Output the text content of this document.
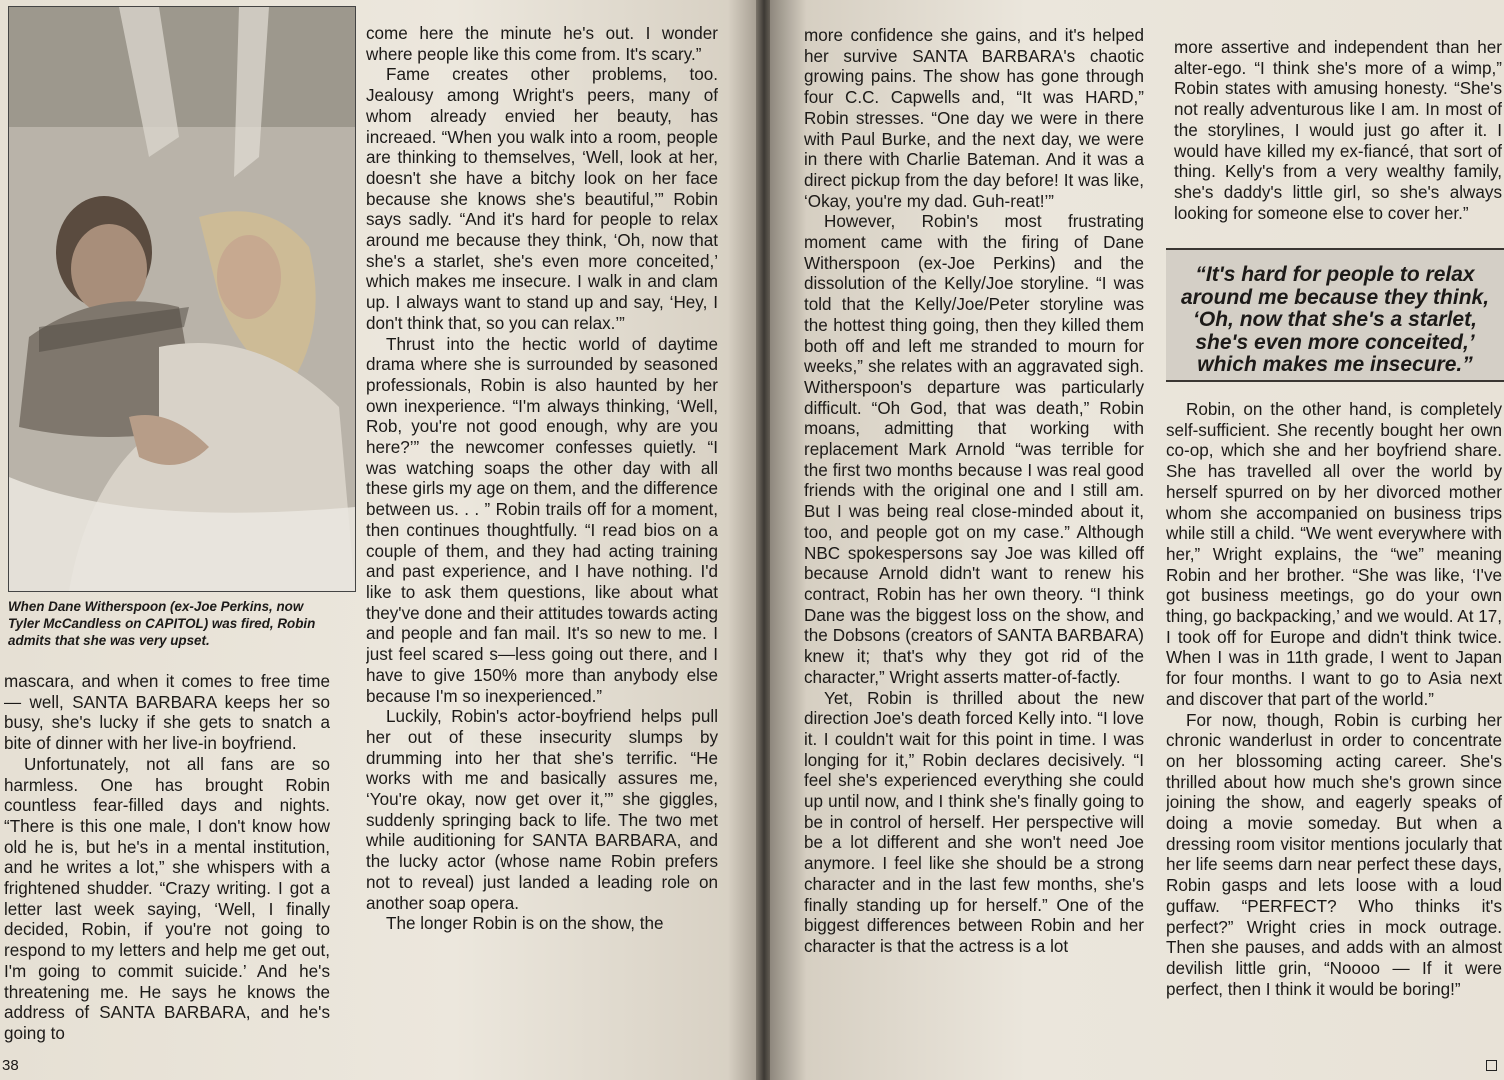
When Dane Witherspoon (ex-Joe Perkins, now Tyler McCandless on CAPITOL) was fired, Robin admits that she was very upset.

mascara, and when it comes to free time — well, SANTA BARBARA keeps her so busy, she's lucky if she gets to snatch a bite of dinner with her live-in boyfriend.

Unfortunately, not all fans are so harmless. One has brought Robin countless fear-filled days and nights. “There is this one male, I don't know how old he is, but he's in a mental institution, and he writes a lot,” she whispers with a frightened shudder. “Crazy writing. I got a letter last week saying, ‘Well, I finally decided, Robin, if you're not going to respond to my letters and help me get out, I'm going to commit suicide.’ And he's threatening me. He says he knows the address of SANTA BARBARA, and he's going to

come here the minute he's out. I wonder where people like this come from. It's scary.”

Fame creates other problems, too. Jealousy among Wright's peers, many of whom already envied her beauty, has increaed. “When you walk into a room, people are thinking to themselves, ‘Well, look at her, doesn't she have a bitchy look on her face because she knows she's beautiful,’” Robin says sadly. “And it's hard for people to relax around me because they think, ‘Oh, now that she's a starlet, she's even more conceited,’ which makes me insecure. I walk in and clam up. I always want to stand up and say, ‘Hey, I don't think that, so you can relax.’”

Thrust into the hectic world of daytime drama where she is surrounded by seasoned professionals, Robin is also haunted by her own inexperience. “I'm always thinking, ‘Well, Rob, you're not good enough, why are you here?’” the newcomer confesses quietly. “I was watching soaps the other day with all these girls my age on them, and the difference between us. . . ” Robin trails off for a moment, then continues thoughtfully. “I read bios on a couple of them, and they had acting training and past experience, and I have nothing. I'd like to ask them questions, like about what they've done and their attitudes towards acting and people and fan mail. It's so new to me. I just feel scared s—less going out there, and I have to give 150% more than anybody else because I'm so inexperienced.”

Luckily, Robin's actor-boyfriend helps pull her out of these insecurity slumps by drumming into her that she's terrific. “He works with me and basically assures me, ‘You're okay, now get over it,’” she giggles, suddenly springing back to life. The two met while auditioning for SANTA BARBARA, and the lucky actor (whose name Robin prefers not to reveal) just landed a leading role on another soap opera.

The longer Robin is on the show, the

38

more confidence she gains, and it's helped her survive SANTA BARBARA's chaotic growing pains. The show has gone through four C.C. Capwells and, “It was HARD,” Robin stresses. “One day we were in there with Paul Burke, and the next day, we were in there with Charlie Bateman. And it was a direct pickup from the day before! It was like, ‘Okay, you're my dad. Guh-reat!’”

However, Robin's most frustrating moment came with the firing of Dane Witherspoon (ex-Joe Perkins) and the dissolution of the Kelly/Joe storyline. “I was told that the Kelly/Joe/Peter storyline was the hottest thing going, then they killed them both off and left me stranded to mourn for weeks,” she relates with an aggravated sigh. Witherspoon's departure was particularly difficult. “Oh God, that was death,” Robin moans, admitting that working with replacement Mark Arnold “was terrible for the first two months because I was real good friends with the original one and I still am. But I was being real close-minded about it, too, and people got on my case.” Although NBC spokespersons say Joe was killed off because Arnold didn't want to renew his contract, Robin has her own theory. “I think Dane was the biggest loss on the show, and the Dobsons (creators of SANTA BARBARA) knew it; that's why they got rid of the character,” Wright asserts matter-of-factly.

Yet, Robin is thrilled about the new direction Joe's death forced Kelly into. “I love it. I couldn't wait for this point in time. I was longing for it,” Robin declares decisively. “I feel she's experienced everything she could up until now, and I think she's finally going to be in control of herself. Her perspective will be a lot different and she won't need Joe anymore. I feel like she should be a strong character and in the last few months, she's finally standing up for herself.” One of the biggest differences between Robin and her character is that the actress is a lot

more assertive and independent than her alter-ego. “I think she's more of a wimp,” Robin states with amusing honesty. “She's not really adventurous like I am. In most of the storylines, I would just go after it. I would have killed my ex-fiancé, that sort of thing. Kelly's from a very wealthy family, she's daddy's little girl, so she's always looking for someone else to cover her.”

“It's hard for people to relax around me because they think, ‘Oh, now that she's a starlet, she's even more conceited,’ which makes me insecure.”

Robin, on the other hand, is completely self-sufficient. She recently bought her own co-op, which she and her boyfriend share. She has travelled all over the world by herself spurred on by her divorced mother whom she accompanied on business trips while still a child. “We went everywhere with her,” Wright explains, the “we” meaning Robin and her brother. “She was like, ‘I've got business meetings, go do your own thing, go backpacking,’ and we would. At 17, I took off for Europe and didn't think twice. When I was in 11th grade, I went to Japan for four months. I want to go to Asia next and discover that part of the world.”

For now, though, Robin is curbing her chronic wanderlust in order to concentrate on her blossoming acting career. She's thrilled about how much she's grown since joining the show, and eagerly speaks of doing a movie someday. But when a dressing room visitor mentions jocularly that her life seems darn near perfect these days, Robin gasps and lets loose with a loud guffaw. “PERFECT? Who thinks it's perfect?” Wright cries in mock outrage. Then she pauses, and adds with an almost devilish little grin, “Noooo — If it were perfect, then I think it would be boring!”
